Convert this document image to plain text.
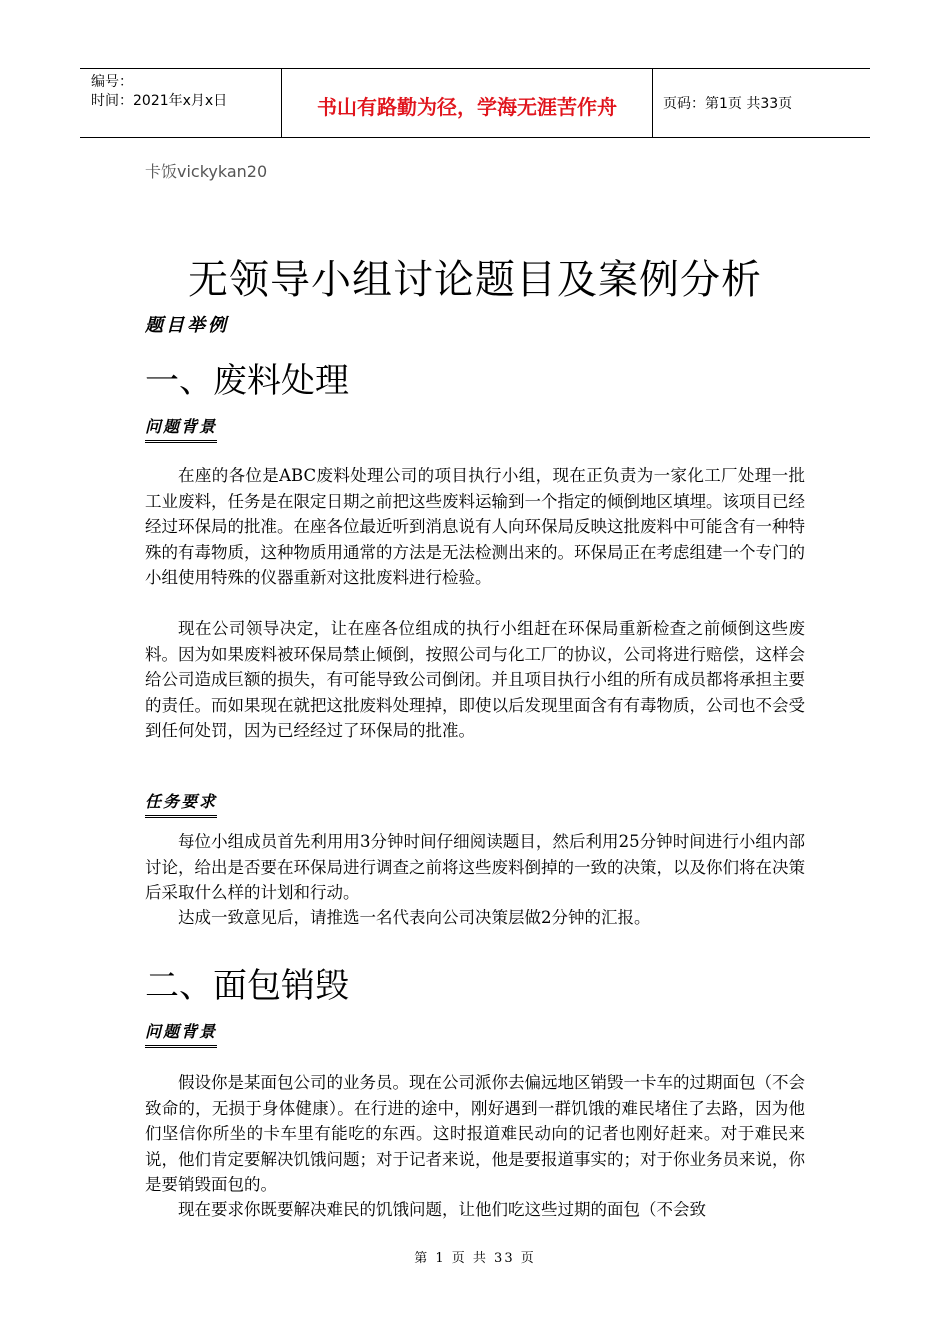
编号：
时间：2021年x月x日	书山有路勤为径，学海无涯苦作舟	页码：第1页 共33页
卡饭vickykan20
无领导小组讨论题目及案例分析
题目举例
一、废料处理
问题背景

在座的各位是ABC废料处理公司的项目执行小组，现在正负责为一家化工厂处理一批工业废料，任务是在限定日期之前把这些废料运输到一个指定的倾倒地区填埋。该项目已经经过环保局的批准。在座各位最近听到消息说有人向环保局反映这批废料中可能含有一种特殊的有毒物质，这种物质用通常的方法是无法检测出来的。环保局正在考虑组建一个专门的小组使用特殊的仪器重新对这批废料进行检验。

现在公司领导决定，让在座各位组成的执行小组赶在环保局重新检查之前倾倒这些废料。因为如果废料被环保局禁止倾倒，按照公司与化工厂的协议，公司将进行赔偿，这样会给公司造成巨额的损失，有可能导致公司倒闭。并且项目执行小组的所有成员都将承担主要的责任。而如果现在就把这批废料处理掉，即使以后发现里面含有有毒物质，公司也不会受到任何处罚，因为已经经过了环保局的批准。

任务要求

每位小组成员首先利用用3分钟时间仔细阅读题目，然后利用25分钟时间进行小组内部讨论，给出是否要在环保局进行调查之前将这些废料倒掉的一致的决策，以及你们将在决策后采取什么样的计划和行动。

达成一致意见后，请推选一名代表向公司决策层做2分钟的汇报。

二、面包销毁
问题背景

假设你是某面包公司的业务员。现在公司派你去偏远地区销毁一卡车的过期面包（不会致命的，无损于身体健康）。在行进的途中，刚好遇到一群饥饿的难民堵住了去路，因为他们坚信你所坐的卡车里有能吃的东西。这时报道难民动向的记者也刚好赶来。对于难民来说，他们肯定要解决饥饿问题；对于记者来说，他是要报道事实的；对于你业务员来说，你是要销毁面包的。

现在要求你既要解决难民的饥饿问题，让他们吃这些过期的面包（不会致

第 1 页 共 33 页
